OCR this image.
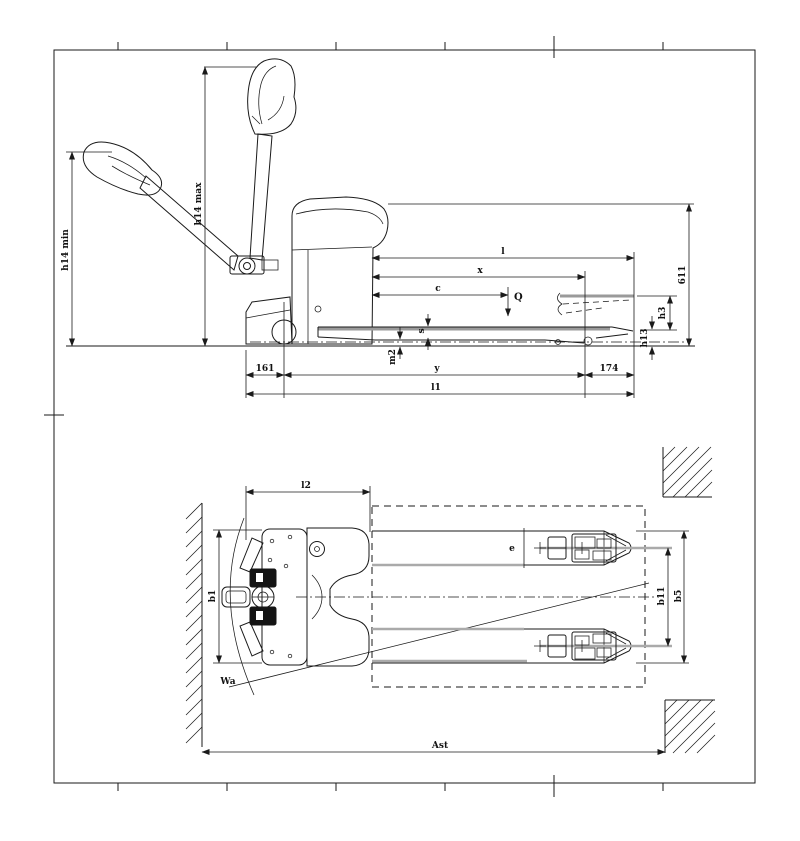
h14 max
h14 min
611
l
x
c
Q
h3
h13
s
m2
161	y	174
l1
Wa
e
l2
b1	b11 b5
Ast
